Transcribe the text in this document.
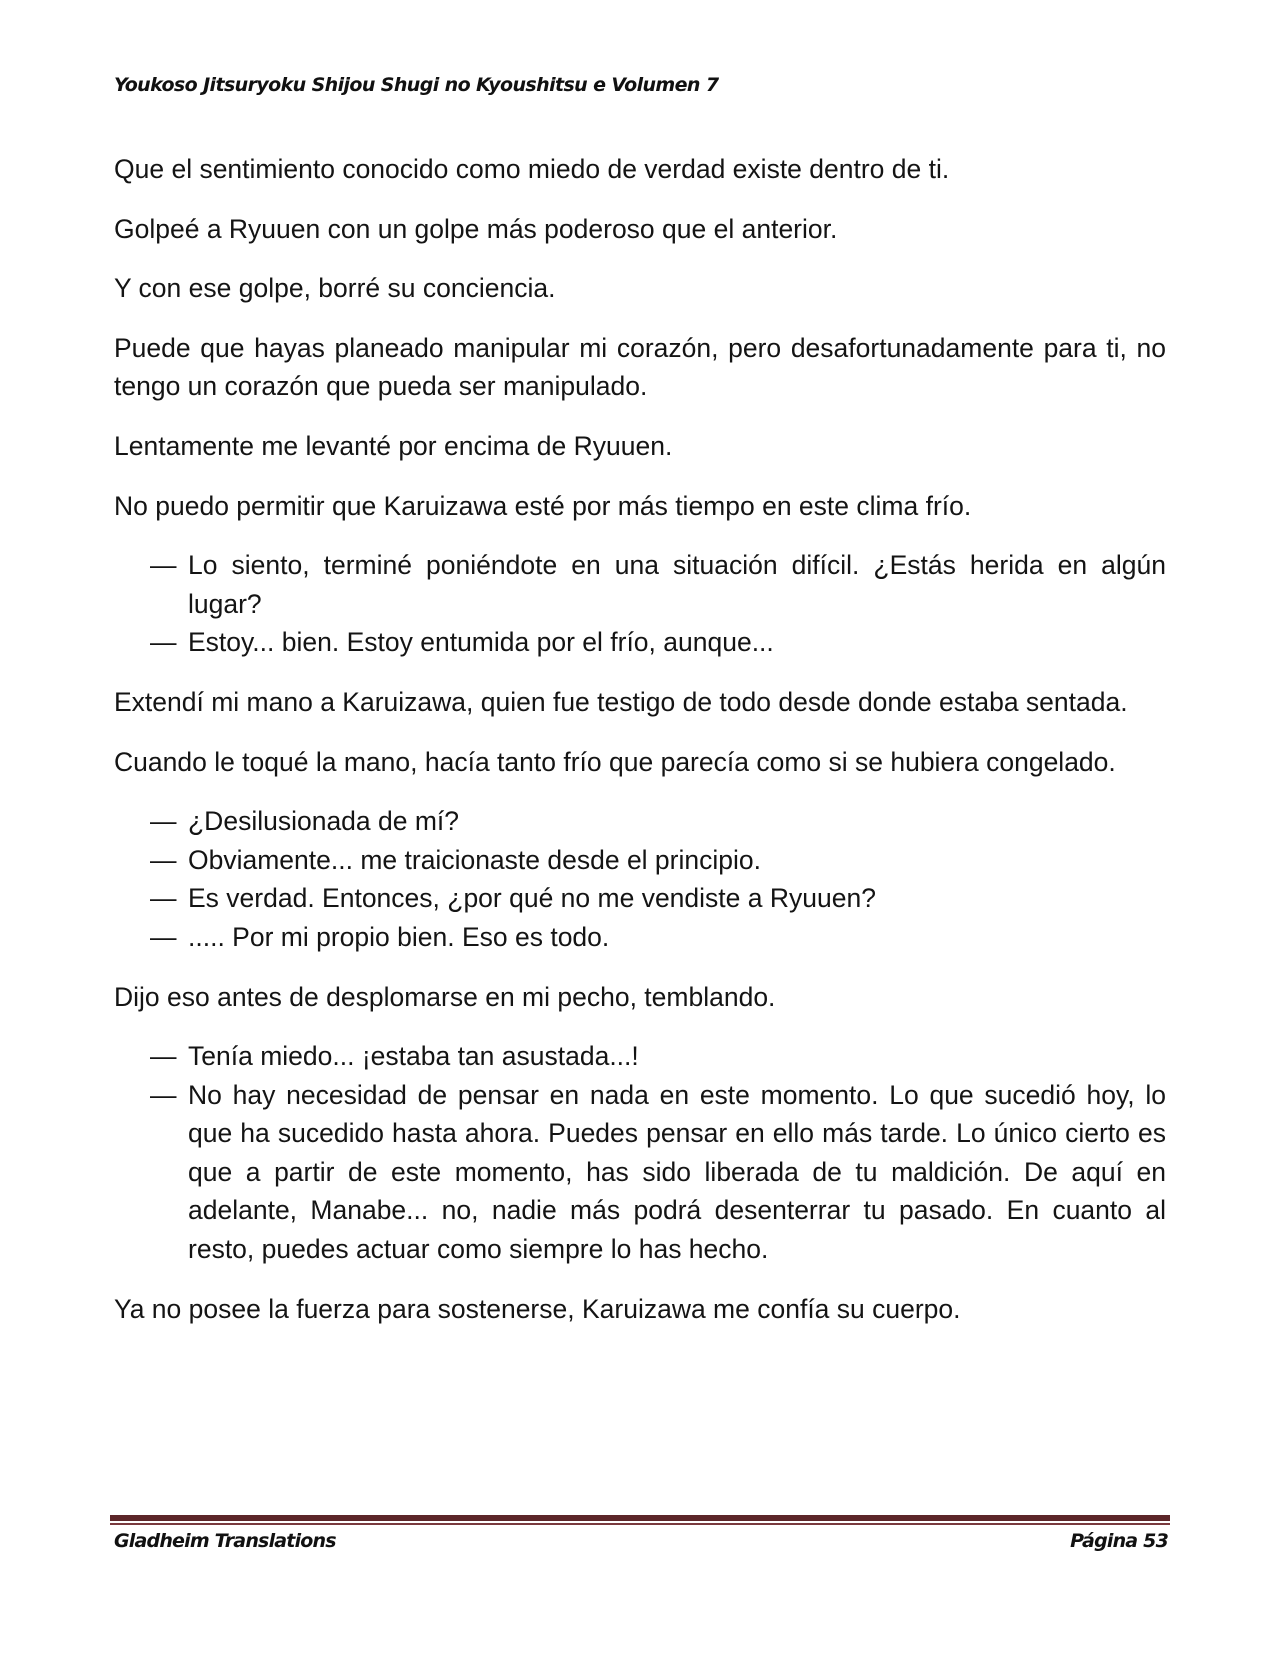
Youkoso Jitsuryoku Shijou Shugi no Kyoushitsu e Volumen 7

Que el sentimiento conocido como miedo de verdad existe dentro de ti.

Golpeé a Ryuuen con un golpe más poderoso que el anterior.

Y con ese golpe, borré su conciencia.

Puede que hayas planeado manipular mi corazón, pero desafortunadamente para ti, no tengo un corazón que pueda ser manipulado.

Lentamente me levanté por encima de Ryuuen.

No puedo permitir que Karuizawa esté por más tiempo en este clima frío.

— Lo siento, terminé poniéndote en una situación difícil. ¿Estás herida en algún lugar?
— Estoy... bien. Estoy entumida por el frío, aunque...

Extendí mi mano a Karuizawa, quien fue testigo de todo desde donde estaba sentada.

Cuando le toqué la mano, hacía tanto frío que parecía como si se hubiera congelado.

— ¿Desilusionada de mí?
— Obviamente... me traicionaste desde el principio.
— Es verdad. Entonces, ¿por qué no me vendiste a Ryuuen?
— ..... Por mi propio bien. Eso es todo.

Dijo eso antes de desplomarse en mi pecho, temblando.

— Tenía miedo... ¡estaba tan asustada...!
— No hay necesidad de pensar en nada en este momento. Lo que sucedió hoy, lo que ha sucedido hasta ahora. Puedes pensar en ello más tarde. Lo único cierto es que a partir de este momento, has sido liberada de tu maldición. De aquí en adelante, Manabe... no, nadie más podrá desenterrar tu pasado. En cuanto al resto, puedes actuar como siempre lo has hecho.

Ya no posee la fuerza para sostenerse, Karuizawa me confía su cuerpo.

Gladheim Translations	Página 53
